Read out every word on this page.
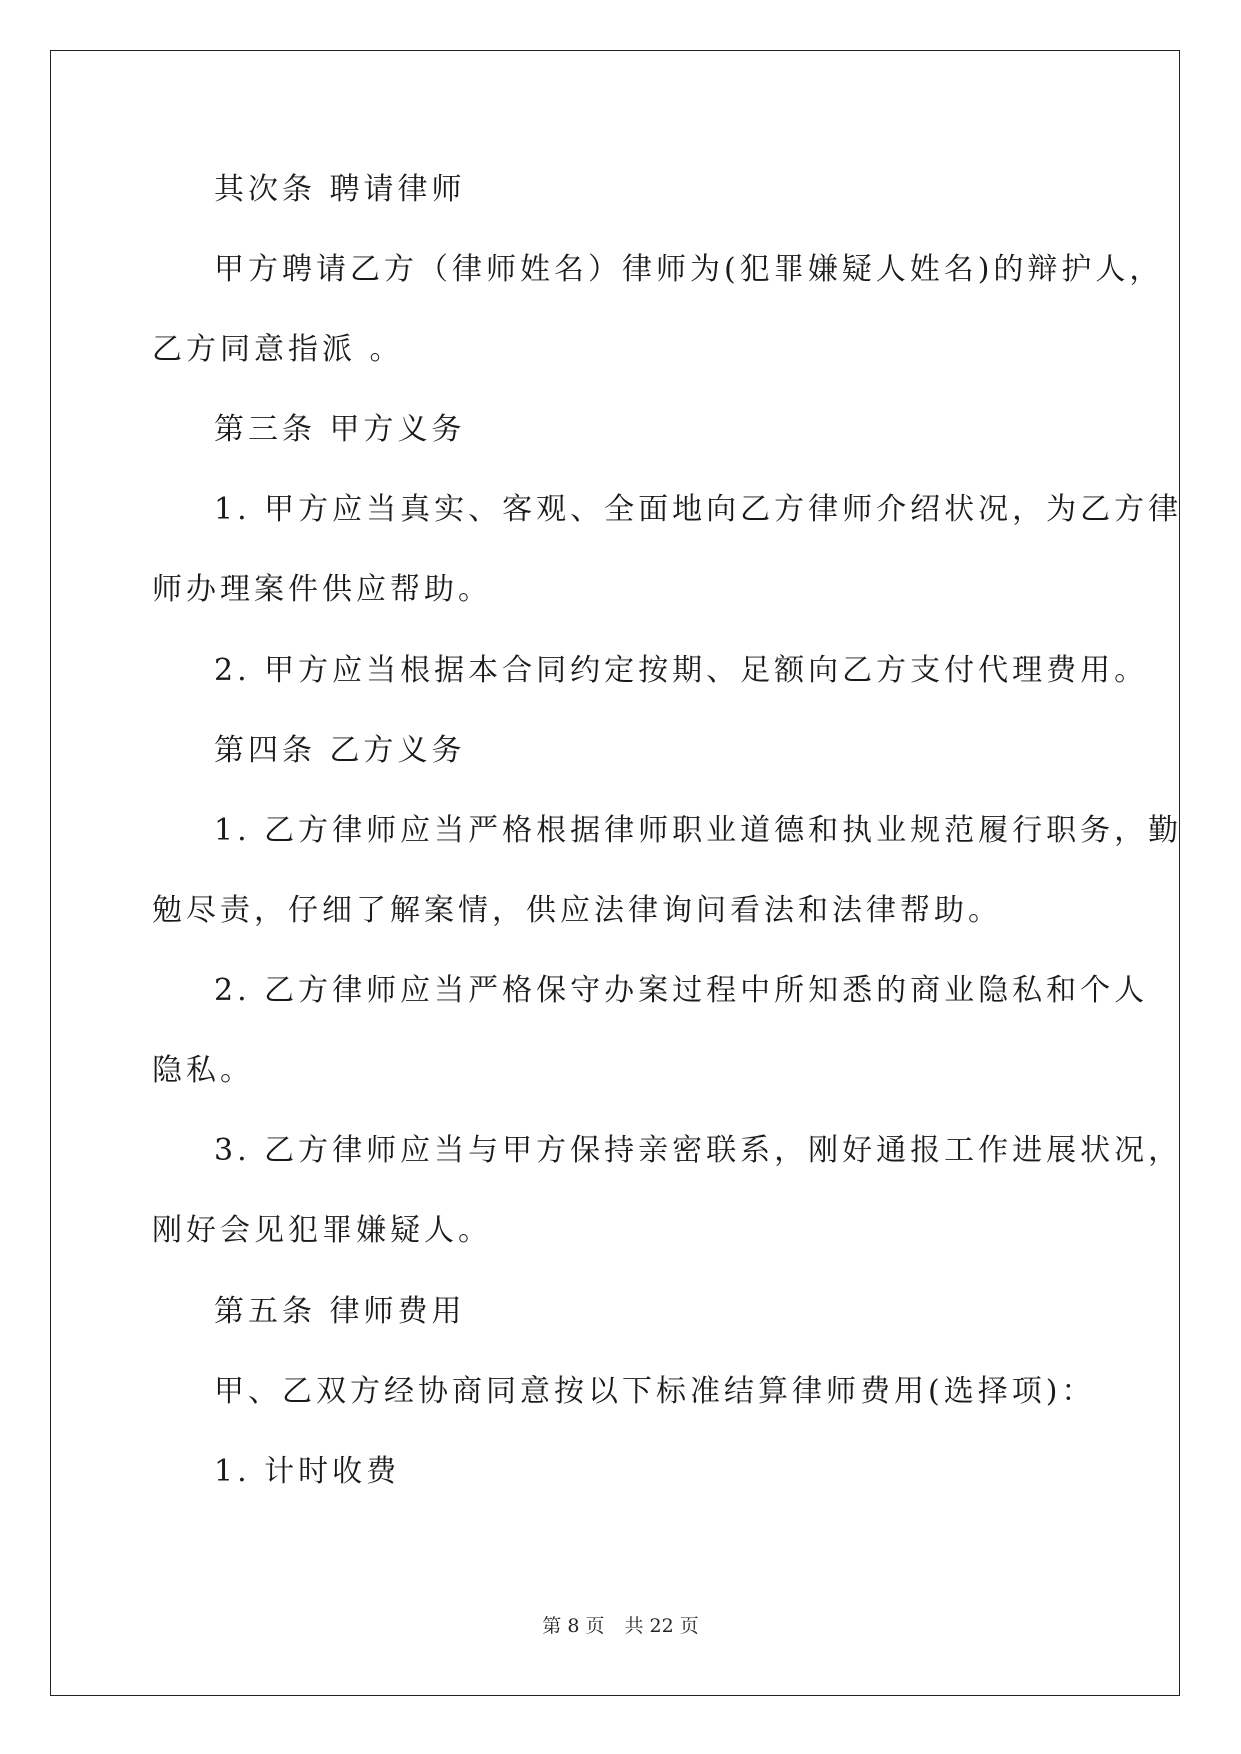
其次条 聘请律师
甲方聘请乙方（律师姓名）律师为(犯罪嫌疑人姓名)的辩护人，
乙方同意指派 。
第三条 甲方义务
1. 甲方应当真实、客观、全面地向乙方律师介绍状况，为乙方律
师办理案件供应帮助。
2. 甲方应当根据本合同约定按期、足额向乙方支付代理费用。
第四条 乙方义务
1. 乙方律师应当严格根据律师职业道德和执业规范履行职务，勤
勉尽责，仔细了解案情，供应法律询问看法和法律帮助。
2. 乙方律师应当严格保守办案过程中所知悉的商业隐私和个人
隐私。
3. 乙方律师应当与甲方保持亲密联系，刚好通报工作进展状况，
刚好会见犯罪嫌疑人。
第五条 律师费用
甲、乙双方经协商同意按以下标准结算律师费用(选择项)：
1. 计时收费
第 8 页 共 22 页
